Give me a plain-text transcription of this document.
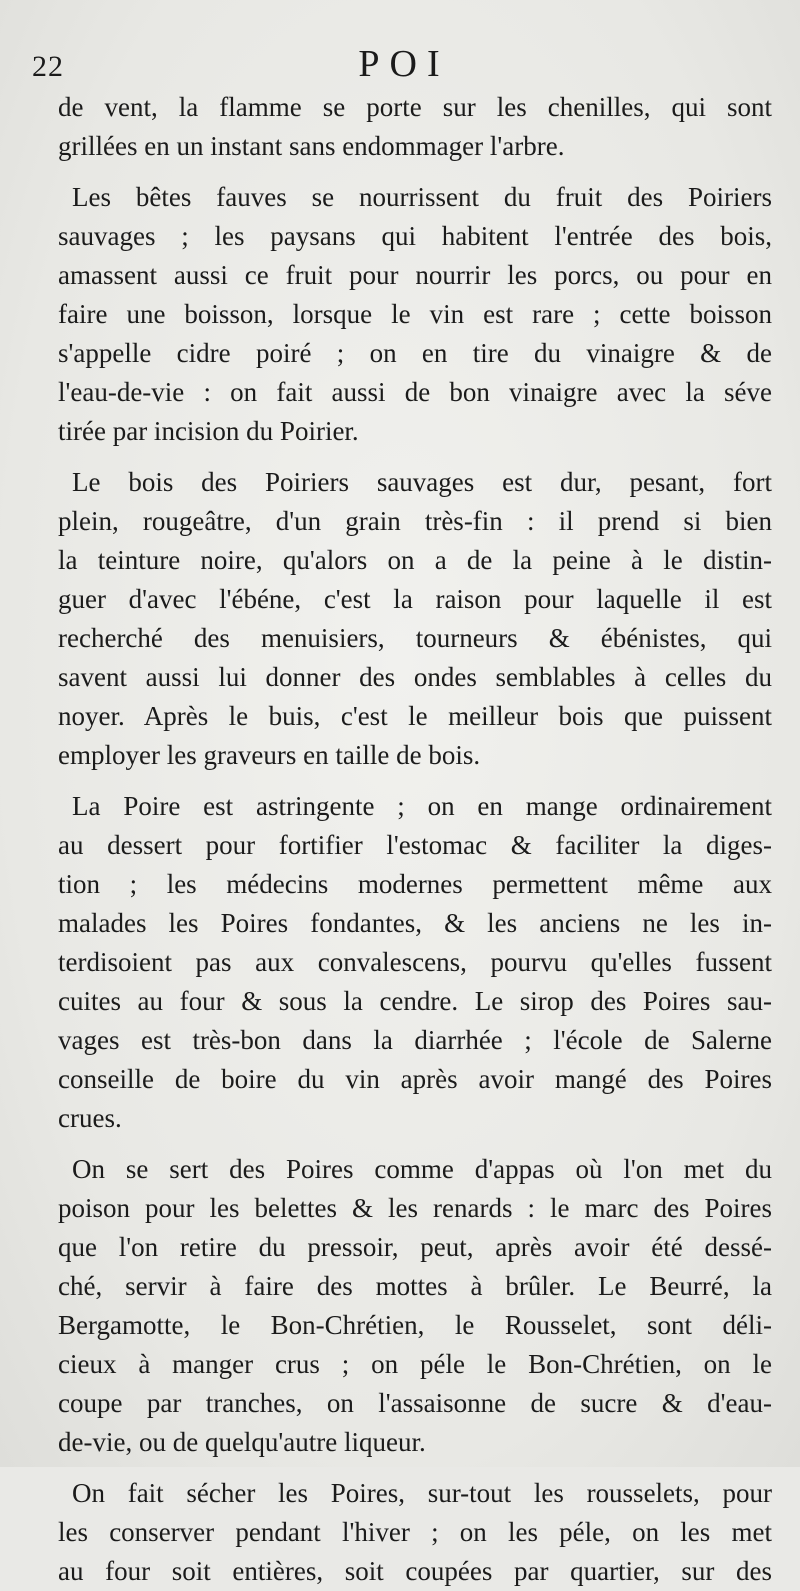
22	POI
de vent, la flamme se porte sur les chenilles, qui sont
grillées en un instant sans endommager l'arbre.
Les bêtes fauves se nourrissent du fruit des Poiriers
sauvages ; les paysans qui habitent l'entrée des bois,
amassent aussi ce fruit pour nourrir les porcs, ou pour en
faire une boisson, lorsque le vin est rare ; cette boisson
s'appelle cidre poiré ; on en tire du vinaigre & de
l'eau-de-vie : on fait aussi de bon vinaigre avec la séve
tirée par incision du Poirier.
Le bois des Poiriers sauvages est dur, pesant, fort
plein, rougeâtre, d'un grain très-fin : il prend si bien
la teinture noire, qu'alors on a de la peine à le distin-
guer d'avec l'ébéne, c'est la raison pour laquelle il est
recherché des menuisiers, tourneurs & ébénistes, qui
savent aussi lui donner des ondes semblables à celles du
noyer. Après le buis, c'est le meilleur bois que puissent
employer les graveurs en taille de bois.
La Poire est astringente ; on en mange ordinairement
au dessert pour fortifier l'estomac & faciliter la diges-
tion ; les médecins modernes permettent même aux
malades les Poires fondantes, & les anciens ne les in-
terdisoient pas aux convalescens, pourvu qu'elles fussent
cuites au four & sous la cendre. Le sirop des Poires sau-
vages est très-bon dans la diarrhée ; l'école de Salerne
conseille de boire du vin après avoir mangé des Poires
crues.
On se sert des Poires comme d'appas où l'on met du
poison pour les belettes & les renards : le marc des Poires
que l'on retire du pressoir, peut, après avoir été dessé-
ché, servir à faire des mottes à brûler. Le Beurré, la
Bergamotte, le Bon-Chrétien, le Rousselet, sont déli-
cieux à manger crus ; on péle le Bon-Chrétien, on le
coupe par tranches, on l'assaisonne de sucre & d'eau-
de-vie, ou de quelqu'autre liqueur.
On fait sécher les Poires, sur-tout les rousselets, pour
les conserver pendant l'hiver ; on les péle, on les met
au four soit entières, soit coupées par quartier, sur des
